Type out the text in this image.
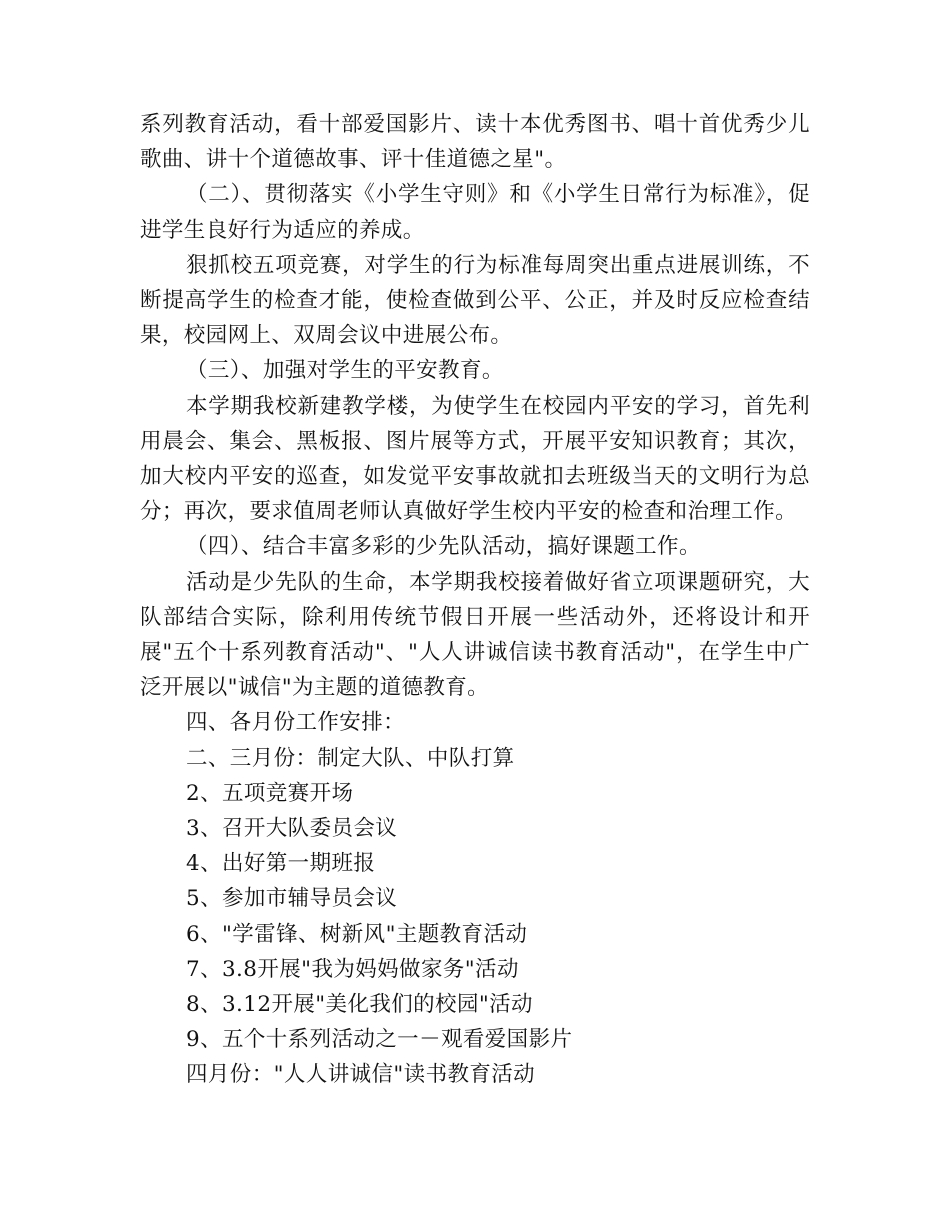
系列教育活动，看十部爱国影片、读十本优秀图书、唱十首优秀少儿歌曲、讲十个道德故事、评十佳道德之星"。

（二）、贯彻落实《小学生守则》和《小学生日常行为标准》，促进学生良好行为适应的养成。

狠抓校五项竞赛，对学生的行为标准每周突出重点进展训练，不断提高学生的检查才能，使检查做到公平、公正，并及时反应检查结果，校园网上、双周会议中进展公布。

（三）、加强对学生的平安教育。

本学期我校新建教学楼，为使学生在校园内平安的学习，首先利用晨会、集会、黑板报、图片展等方式，开展平安知识教育；其次，加大校内平安的巡查，如发觉平安事故就扣去班级当天的文明行为总分；再次，要求值周老师认真做好学生校内平安的检查和治理工作。

（四）、结合丰富多彩的少先队活动，搞好课题工作。

活动是少先队的生命，本学期我校接着做好省立项课题研究，大队部结合实际，除利用传统节假日开展一些活动外，还将设计和开展"五个十系列教育活动"、"人人讲诚信读书教育活动"，在学生中广泛开展以"诚信"为主题的道德教育。

四、各月份工作安排：

二、三月份：制定大队、中队打算

2、五项竞赛开场

3、召开大队委员会议

4、出好第一期班报

5、参加市辅导员会议

6、"学雷锋、树新风"主题教育活动

7、3.8开展"我为妈妈做家务"活动

8、3.12开展"美化我们的校园"活动

9、五个十系列活动之一－观看爱国影片

四月份："人人讲诚信"读书教育活动
